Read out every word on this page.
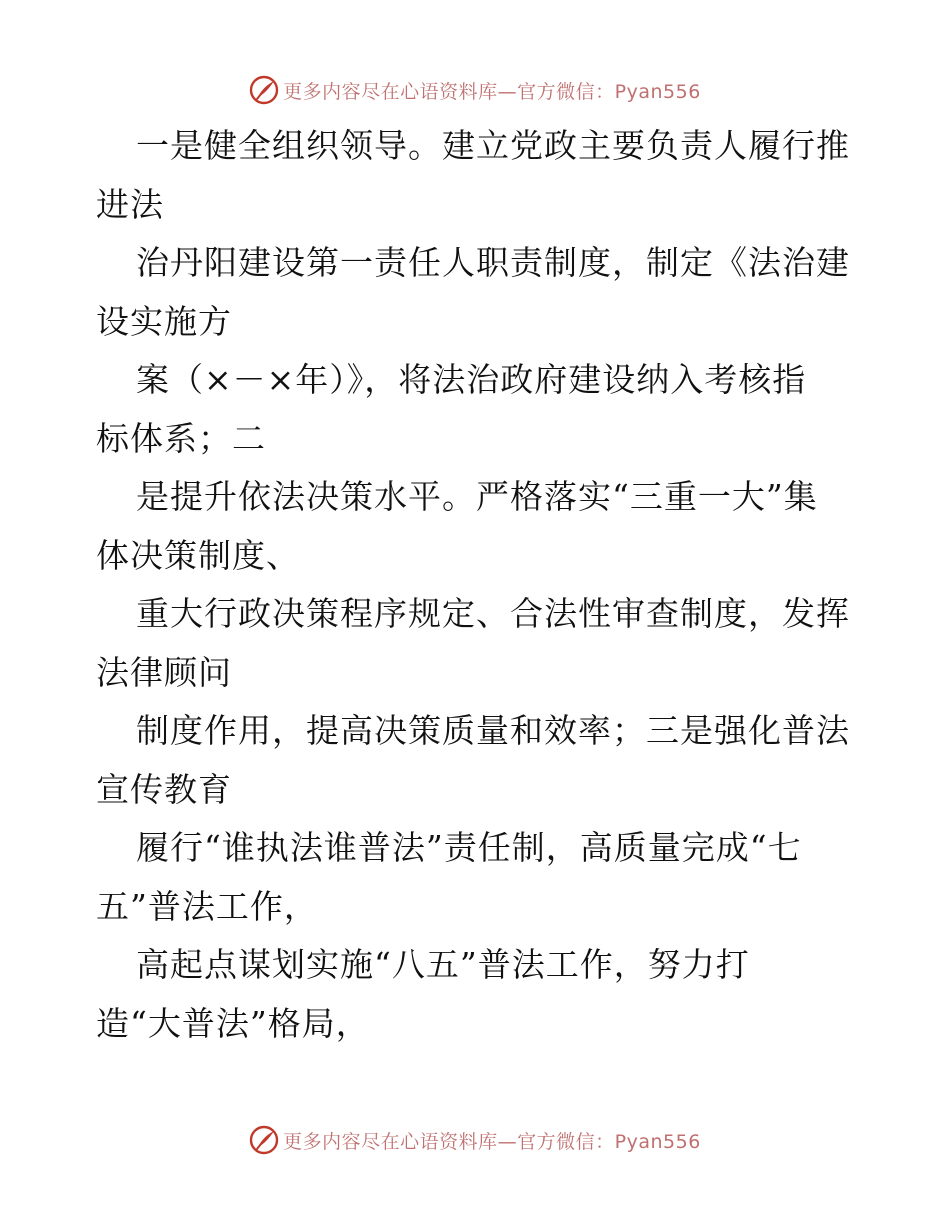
更多内容尽在心语资料库—官方微信：Pyan556
一是健全组织领导。建立党政主要负责人履行推
进法
治丹阳建设第一责任人职责制度，制定《法治建
设实施方
案（×－×年）》，将法治政府建设纳入考核指
标体系；二
是提升依法决策水平。严格落实“三重一大”集
体决策制度、
重大行政决策程序规定、合法性审查制度，发挥
法律顾问
制度作用，提高决策质量和效率；三是强化普法
宣传教育
履行“谁执法谁普法”责任制，高质量完成“七
五”普法工作，
高起点谋划实施“八五”普法工作，努力打
造“大普法”格局，
更多内容尽在心语资料库—官方微信：Pyan556
